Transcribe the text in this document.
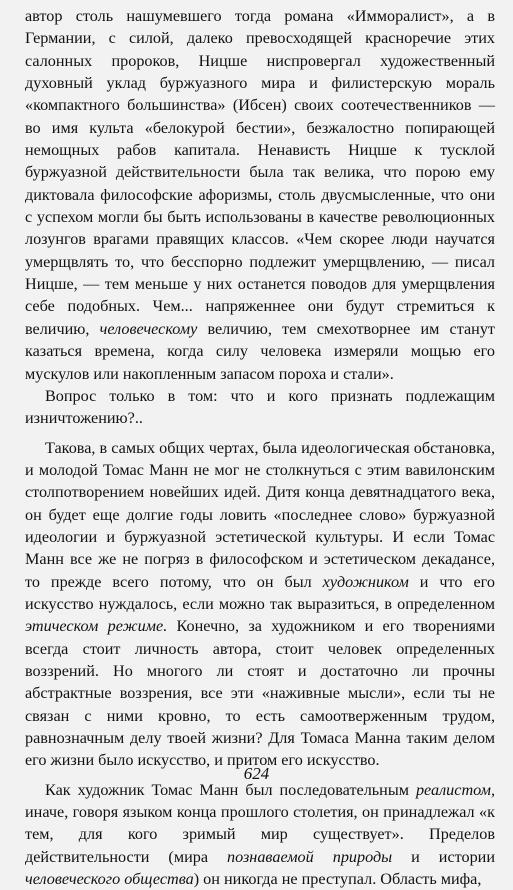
автор столь нашумевшего тогда романа «Имморалист», а в Германии, с силой, далеко превосходящей красноречие этих салонных пророков, Ницше ниспровергал художественный духовный уклад буржуазного мира и филистерскую мораль «компактного большинства» (Ибсен) своих соотечественников — во имя культа «белокурой бестии», безжалостно попирающей немощных рабов капитала. Ненависть Ницше к тусклой буржуазной действительности была так велика, что порою ему диктовала философские афоризмы, столь двусмысленные, что они с успехом могли бы быть использованы в качестве революционных лозунгов врагами правящих классов. «Чем скорее люди научатся умерщвлять то, что бесспорно подлежит умерщвлению, — писал Ницше, — тем меньше у них останется поводов для умерщвления себе подобных. Чем... напряженнее они будут стремиться к величию, человеческому величию, тем смехотворнее им станут казаться времена, когда силу человека измеряли мощью его мускулов или накопленным запасом пороха и стали».

Вопрос только в том: что и кого признать подлежащим изничтожению?..

Такова, в самых общих чертах, была идеологическая обстановка, и молодой Томас Манн не мог не столкнуться с этим вавилонским столпотворением новейших идей. Дитя конца девятнадцатого века, он будет еще долгие годы ловить «последнее слово» буржуазной идеологии и буржуазной эстетической культуры. И если Томас Манн все же не погряз в философском и эстетическом декадансе, то прежде всего потому, что он был художником и что его искусство нуждалось, если можно так выразиться, в определенном этическом режиме. Конечно, за художником и его творениями всегда стоит личность автора, стоит человек определенных воззрений. Но многого ли стоят и достаточно ли прочны абстрактные воззрения, все эти «наживные мысли», если ты не связан с ними кровно, то есть самоотверженным трудом, равнозначным делу твоей жизни? Для Томаса Манна таким делом его жизни было искусство, и притом его искусство.

Как художник Томас Манн был последовательным реалистом, иначе, говоря языком конца прошлого столетия, он принадлежал «к тем, для кого зримый мир существует». Пределов действительности (мира познаваемой природы и истории человеческого общества) он никогда не преступал. Область мифа,

624
